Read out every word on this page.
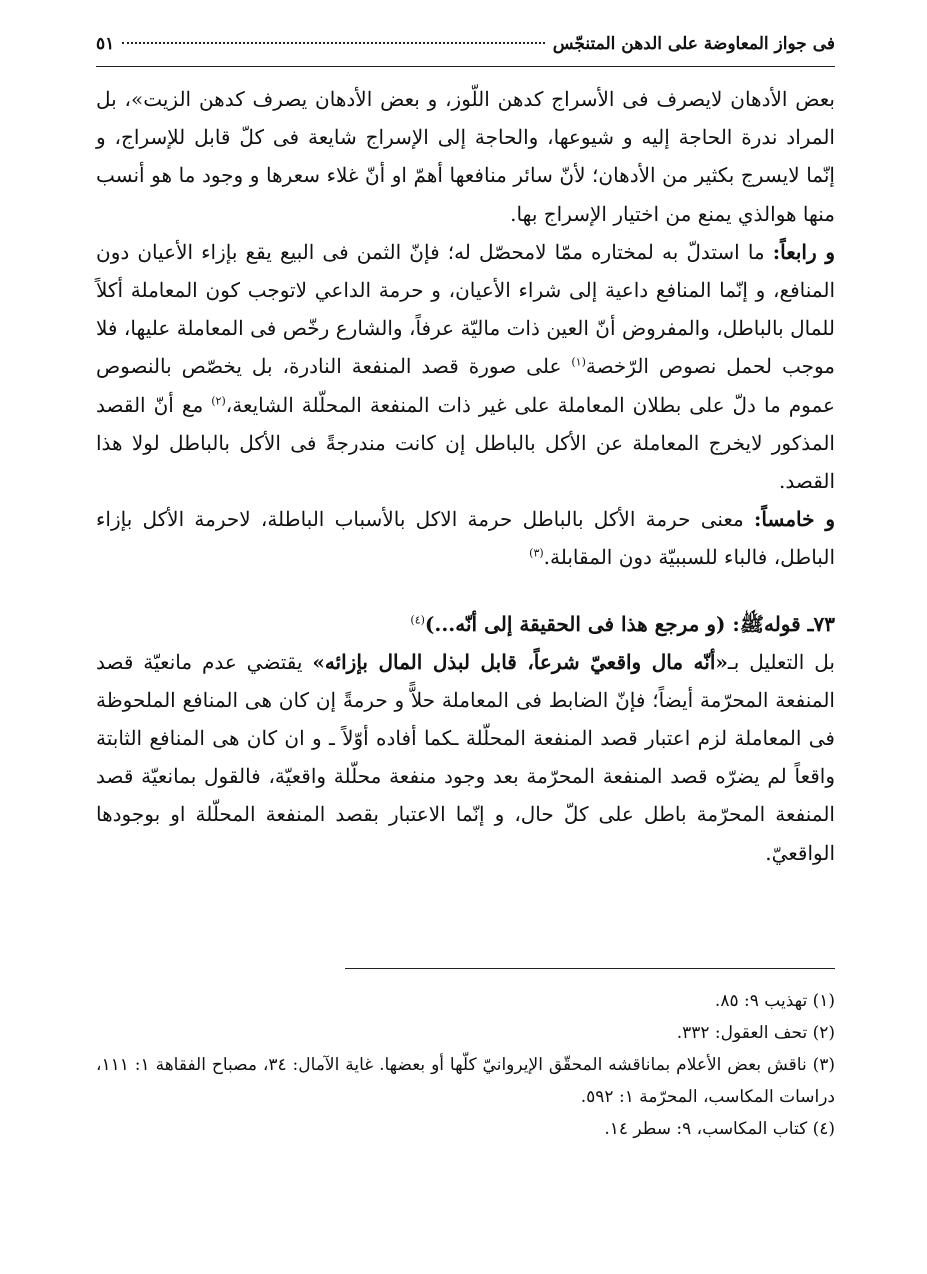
فی جواز المعاوضة علی الدهن المتنجّس
٥١

بعض الأدهان لایصرف فی الأسراج کدهن اللّوز، و بعض الأدهان یصرف کدهن الزیت»، بل المراد ندرة الحاجة إلیه و شیوعها، والحاجة إلی الإسراج شایعة فی کلّ قابل للإسراج، و إنّما لایسرج بکثیر من الأدهان؛ لأنّ سائر منافعها أهمّ او أنّ غلاء سعرها و وجود ما هو أنسب منها هوالذي یمنع من اختیار الإسراج بها.

و رابعاً: ما استدلّ به لمختاره ممّا لامحصّل له؛ فإنّ الثمن فی البیع یقع بإزاء الأعیان دون المنافع، و إنّما المنافع داعیة إلی شراء الأعیان، و حرمة الداعي لاتوجب کون المعاملة أکلاً للمال بالباطل، والمفروض أنّ العین ذات مالیّة عرفاً، والشارع رخّص فی المعاملة علیها، فلا موجب لحمل نصوص الرّخصة$^{(١)}$ علی صورة قصد المنفعة النادرة، بل یخصّص بالنصوص عموم ما دلّ علی بطلان المعاملة علی غیر ذات المنفعة المحلّلة الشایعة،$^{(٢)}$ مع أنّ القصد المذکور لایخرج المعاملة عن الأکل بالباطل إن کانت مندرجةً فی الأکل بالباطل لولا هذا القصد.

و خامساً: معنی حرمة الأکل بالباطل حرمة الاکل بالأسباب الباطلة، لاحرمة الأکل بإزاء الباطل، فالباء للسببیّة دون المقابلة.$^{(٣)}$

٧٣ـ قولهﷺ: (و مرجع هذا فی الحقیقة إلی أنّه...)$^{(٤)}$

بل التعلیل بـ«أنّه مال واقعيّ شرعاً، قابل لبذل المال بإزائه» یقتضي عدم مانعیّة قصد المنفعة المحرّمة أیضاً؛ فإنّ الضابط فی المعاملة حلاًّ و حرمةً إن کان هی المنافع الملحوظة فی المعاملة لزم اعتبار قصد المنفعة المحلّلة ـکما أفاده أوّلاً ـ و ان کان هی المنافع الثابتة واقعاً لم یضرّه قصد المنفعة المحرّمة بعد وجود منفعة محلّلة واقعیّة، فالقول بمانعیّة قصد المنفعة المحرّمة باطل علی کلّ حال، و إنّما الاعتبار بقصد المنفعة المحلّلة او بوجودها الواقعيّ.

(١) تهذیب ٩: ٨٥.

(٢) تحف العقول: ٣٣٢.

(٣) ناقش بعض الأعلام بماناقشه المحقّق الإیروانيّ کلّها أو بعضها. غایة الآمال: ٣٤، مصباح الفقاهة ١: ١١١، دراسات المکاسب، المحرّمة ١: ٥٩٢.

(٤) کتاب المکاسب، ٩: سطر ١٤.
